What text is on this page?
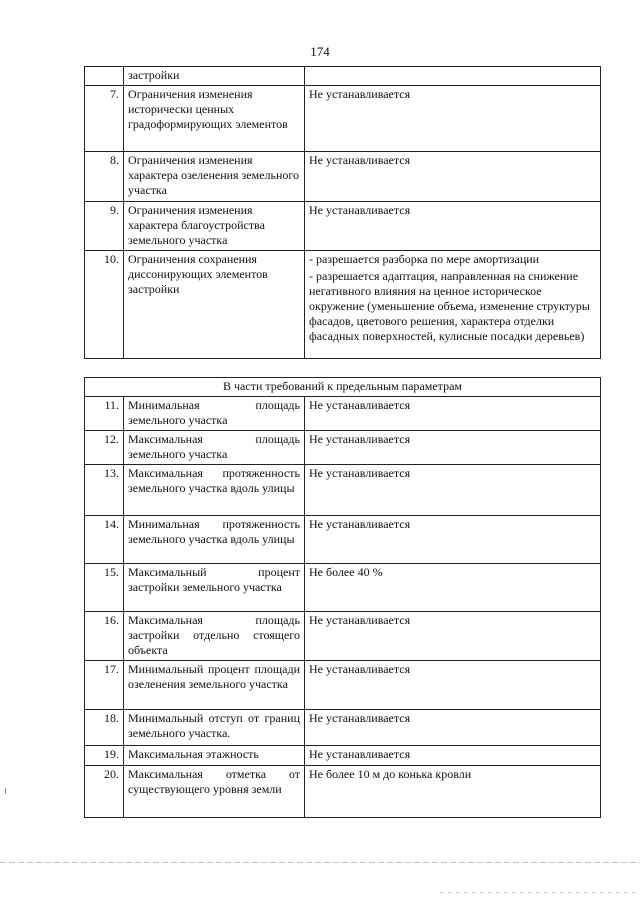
174
	застройки	

7.	Ограничения изменения исторически ценных градоформирующих элементов	Не устанавливается

8.	Ограничения изменения характера озеленения земельного участка	Не устанавливается

9.	Ограничения изменения характера благоустройства земельного участка	Не устанавливается

10.	Ограничения сохранения диссонирующих элементов застройки	- разрешается разборка по мере амортизации

- разрешается адаптация, направленная на снижение негативного влияния на ценное историческое окружение (уменьшение объема, изменение структуры фасадов, цветового решения, характера отделки фасадных поверхностей, кулисные посадки деревьев)

В части требований к предельным параметрам		
11.	Минимальная площадь земельного участка	Не устанавливается
12.	Максимальная площадь земельного участка	Не устанавливается
13.	Максимальная протяженность земельного участка вдоль улицы	Не устанавливается
14.	Минимальная протяженность земельного участка вдоль улицы	Не устанавливается
15.	Максимальный процент застройки земельного участка	Не более 40 %
16.	Максимальная площадь застройки отдельно стоящего объекта	Не устанавливается
17.	Минимальный процент площади озеленения земельного участка	Не устанавливается
18.	Минимальный отступ от границ земельного участка.	Не устанавливается
19.	Максимальная этажность	Не устанавливается
20.	Максимальная отметка от существующего уровня земли	Не более 10 м до конька кровли
